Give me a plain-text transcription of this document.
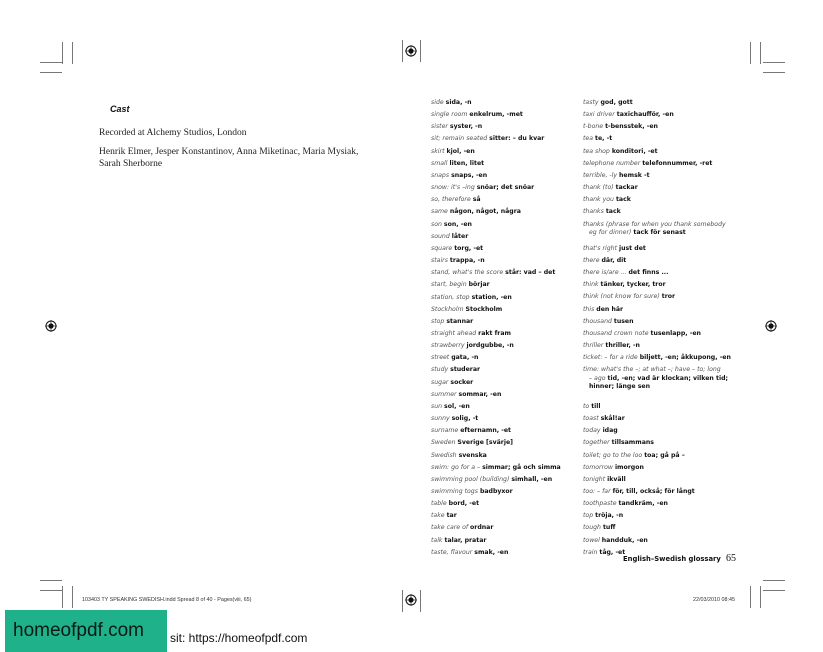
Cast
Recorded at Alchemy Studios, London
Henrik Elmer, Jesper Konstantinov, Anna Miketinac, Maria Mysiak,
Sarah Sherborne
side sida, -n
single room enkelrum, -met
sister syster, -n
sit; remain seated sitter: – du kvar
skirt kjol, -en
small liten, litet
snaps snaps, -en
snow: it's –ing snöar; det snöar
so, therefore så
same någon, något, några
son son, -en
sound låter
square torg, -et
stairs trappa, -n
stand, what's the score står: vad – det
start, begin börjar
station, stop station, -en
Stockholm Stockholm
stop stannar
straight ahead rakt fram
strawberry jordgubbe, -n
street gata, -n
study studerar
sugar socker
summer sommar, -en
sun sol, -en
sunny solig, -t
surname efternamn, -et
Sweden Sverige [svärje]
Swedish svenska
swim: go for a – simmar; gå och simma
swimming pool (building) simhall, -en
swimming togs badbyxor
table bord, -et
take tar
take care of ordnar
talk talar, pratar
taste, flavour smak, -en
tasty god, gott
taxi driver taxichaufför, -en
t-bone t-bensstek, -en
tea te, -t
tea shop konditori, -et
telephone number telefonnummer, -ret
terrible, -ly hemsk -t
thank (to) tackar
thank you tack
thanks tack
thanks (phrase for when you thank somebody
eg for dinner) tack för senast
that's right just det
there där, dit
there is/are ... det finns ...
think tänker, tycker, tror
think (not know for sure) tror
this den här
thousand tusen
thousand crown note tusenlapp, -en
thriller thriller, -n
ticket: – for a ride biljett, -en; åkkupong, -en
time: what's the –; at what –; have – to; long
– ago tid, -en; vad är klockan; vilken tid;
hinner; länge sen
to till
toast skål!ar
today idag
together tillsammans
toilet; go to the loo toa; gå på –
tomorrow imorgon
tonight ikväll
too: – far för, till, också; för långt
toothpaste tandkräm, -en
top tröja, -n
tough tuff
towel handduk, -en
train tåg, -et
English–Swedish glossary 65
103403 TY SPEAKING SWEDISH.indd Spread 8 of 40 - Pages(viii, 65)	22/03/2010 08:45
homeofpdf.com	sit: https://homeofpdf.com
